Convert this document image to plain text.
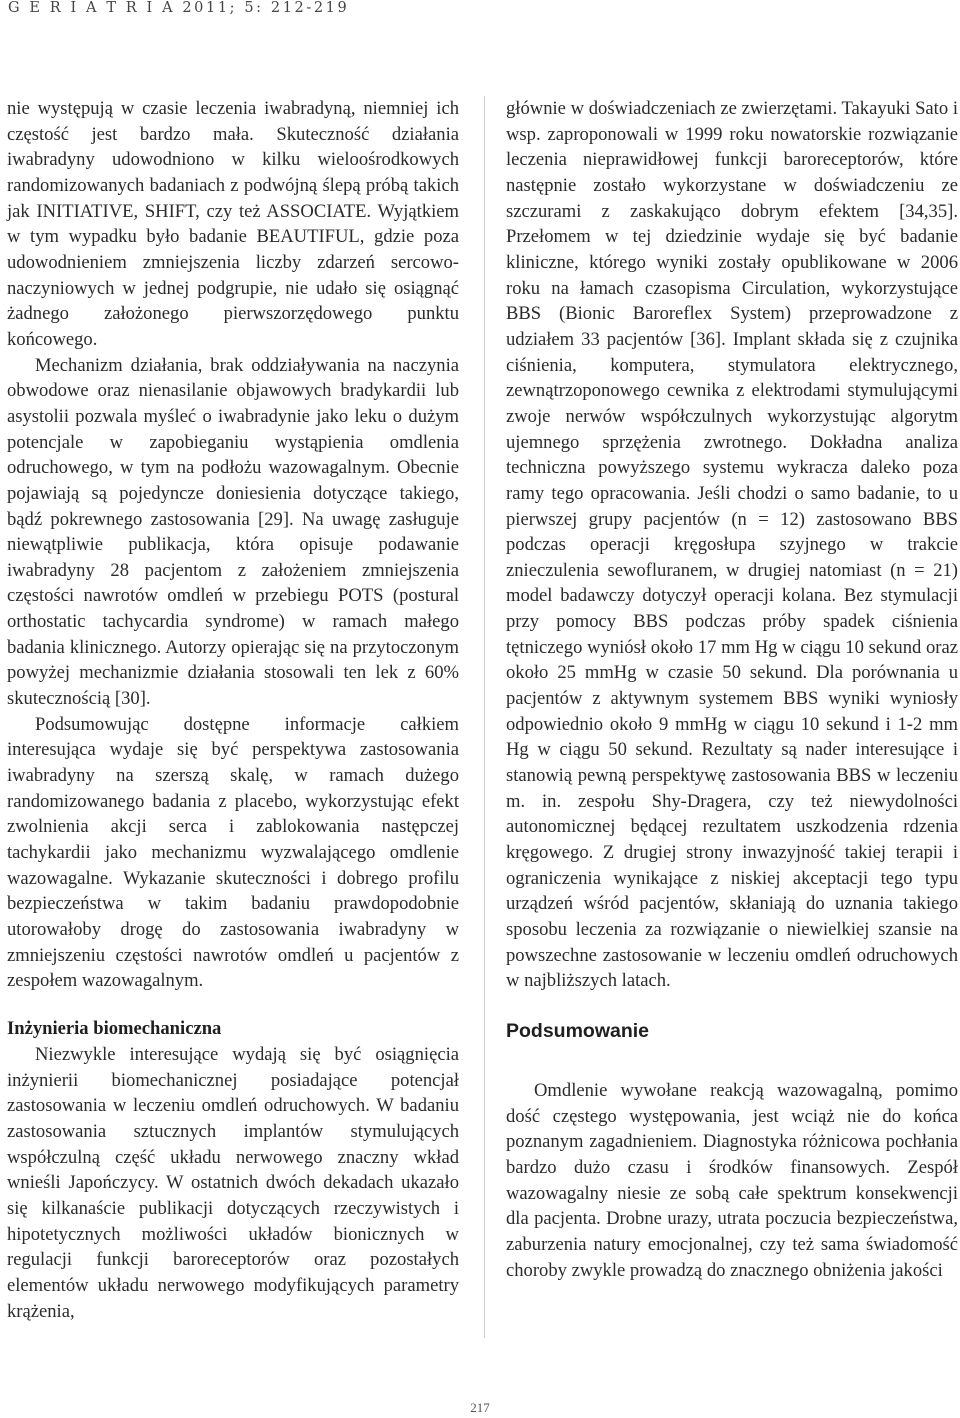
G E R I A T R I A 2011; 5: 212-219

nie występują w czasie leczenia iwabradyną, niemniej ich częstość jest bardzo mała. Skuteczność działania iwabradyny udowodniono w kilku wieloośrodkowych randomizowanych badaniach z podwójną ślepą próbą takich jak INITIATIVE, SHIFT, czy też ASSOCIATE. Wyjątkiem w tym wypadku było badanie BEAUTIFUL, gdzie poza udowodnieniem zmniejszenia liczby zdarzeń sercowo-naczyniowych w jednej podgrupie, nie udało się osiągnąć żadnego założonego pierwszorzędowego punktu końcowego.

Mechanizm działania, brak oddziaływania na naczynia obwodowe oraz nienasilanie objawowych bradykardii lub asystolii pozwala myśleć o iwabradynie jako leku o dużym potencjale w zapobieganiu wystąpienia omdlenia odruchowego, w tym na podłożu wazowagalnym. Obecnie pojawiają są pojedyncze doniesienia dotyczące takiego, bądź pokrewnego zastosowania [29]. Na uwagę zasługuje niewątpliwie publikacja, która opisuje podawanie iwabradyny 28 pacjentom z założeniem zmniejszenia częstości nawrotów omdleń w przebiegu POTS (postural orthostatic tachycardia syndrome) w ramach małego badania klinicznego. Autorzy opierając się na przytoczonym powyżej mechanizmie działania stosowali ten lek z 60% skutecznością [30].

Podsumowując dostępne informacje całkiem interesująca wydaje się być perspektywa zastosowania iwabradyny na szerszą skalę, w ramach dużego randomizowanego badania z placebo, wykorzystując efekt zwolnienia akcji serca i zablokowania następczej tachykardii jako mechanizmu wyzwalającego omdlenie wazowagalne. Wykazanie skuteczności i dobrego profilu bezpieczeństwa w takim badaniu prawdopodobnie utorowałoby drogę do zastosowania iwabradyny w zmniejszeniu częstości nawrotów omdleń u pacjentów z zespołem wazowagalnym.

Inżynieria biomechaniczna

Niezwykle interesujące wydają się być osiągnięcia inżynierii biomechanicznej posiadające potencjał zastosowania w leczeniu omdleń odruchowych. W badaniu zastosowania sztucznych implantów stymulujących współczulną część układu nerwowego znaczny wkład wnieśli Japończycy. W ostatnich dwóch dekadach ukazało się kilkanaście publikacji dotyczących rzeczywistych i hipotetycznych możliwości układów bionicznych w regulacji funkcji baroreceptorów oraz pozostałych elementów układu nerwowego modyfikujących parametry krążenia,

głównie w doświadczeniach ze zwierzętami. Takayuki Sato i wsp. zaproponowali w 1999 roku nowatorskie rozwiązanie leczenia nieprawidłowej funkcji baroreceptorów, które następnie zostało wykorzystane w doświadczeniu ze szczurami z zaskakująco dobrym efektem [34,35]. Przełomem w tej dziedzinie wydaje się być badanie kliniczne, którego wyniki zostały opublikowane w 2006 roku na łamach czasopisma Circulation, wykorzystujące BBS (Bionic Baroreflex System) przeprowadzone z udziałem 33 pacjentów [36]. Implant składa się z czujnika ciśnienia, komputera, stymulatora elektrycznego, zewnątrzoponowego cewnika z elektrodami stymulującymi zwoje nerwów współczulnych wykorzystując algorytm ujemnego sprzężenia zwrotnego. Dokładna analiza techniczna powyższego systemu wykracza daleko poza ramy tego opracowania. Jeśli chodzi o samo badanie, to u pierwszej grupy pacjentów (n = 12) zastosowano BBS podczas operacji kręgosłupa szyjnego w trakcie znieczulenia sewofluranem, w drugiej natomiast (n = 21) model badawczy dotyczył operacji kolana. Bez stymulacji przy pomocy BBS podczas próby spadek ciśnienia tętniczego wyniósł około 17 mm Hg w ciągu 10 sekund oraz około 25 mmHg w czasie 50 sekund. Dla porównania u pacjentów z aktywnym systemem BBS wyniki wyniosły odpowiednio około 9 mmHg w ciągu 10 sekund i 1-2 mm Hg w ciągu 50 sekund. Rezultaty są nader interesujące i stanowią pewną perspektywę zastosowania BBS w leczeniu m. in. zespołu Shy-Dragera, czy też niewydolności autonomicznej będącej rezultatem uszkodzenia rdzenia kręgowego. Z drugiej strony inwazyjność takiej terapii i ograniczenia wynikające z niskiej akceptacji tego typu urządzeń wśród pacjentów, skłaniają do uznania takiego sposobu leczenia za rozwiązanie o niewielkiej szansie na powszechne zastosowanie w leczeniu omdleń odruchowych w najbliższych latach.

Podsumowanie

Omdlenie wywołane reakcją wazowagalną, pomimo dość częstego występowania, jest wciąż nie do końca poznanym zagadnieniem. Diagnostyka różnicowa pochłania bardzo dużo czasu i środków finansowych. Zespół wazowagalny niesie ze sobą całe spektrum konsekwencji dla pacjenta. Drobne urazy, utrata poczucia bezpieczeństwa, zaburzenia natury emocjonalnej, czy też sama świadomość choroby zwykle prowadzą do znacznego obniżenia jakości

217
